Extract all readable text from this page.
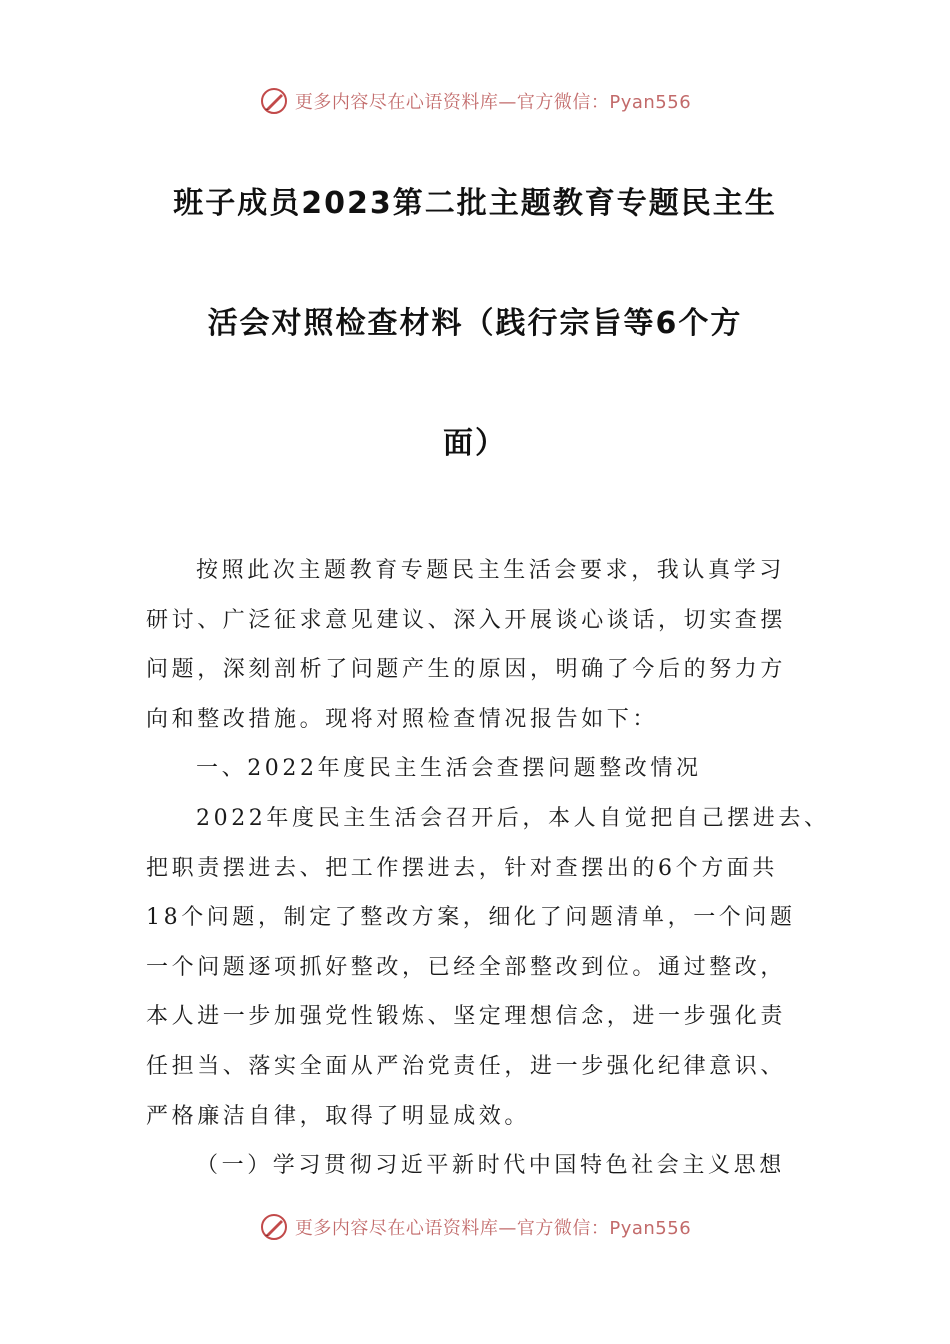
更多内容尽在心语资料库—官方微信：Pyan556
班子成员2023第二批主题教育专题民主生
活会对照检查材料（践行宗旨等6个方
面）
按照此次主题教育专题民主生活会要求，我认真学习
研讨、广泛征求意见建议、深入开展谈心谈话，切实查摆
问题，深刻剖析了问题产生的原因，明确了今后的努力方
向和整改措施。现将对照检查情况报告如下：
一、2022年度民主生活会查摆问题整改情况
2022年度民主生活会召开后，本人自觉把自己摆进去、
把职责摆进去、把工作摆进去，针对查摆出的6个方面共
18个问题，制定了整改方案，细化了问题清单，一个问题
一个问题逐项抓好整改，已经全部整改到位。通过整改，
本人进一步加强党性锻炼、坚定理想信念，进一步强化责
任担当、落实全面从严治党责任，进一步强化纪律意识、
严格廉洁自律，取得了明显成效。
（一）学习贯彻习近平新时代中国特色社会主义思想
更多内容尽在心语资料库—官方微信：Pyan556
